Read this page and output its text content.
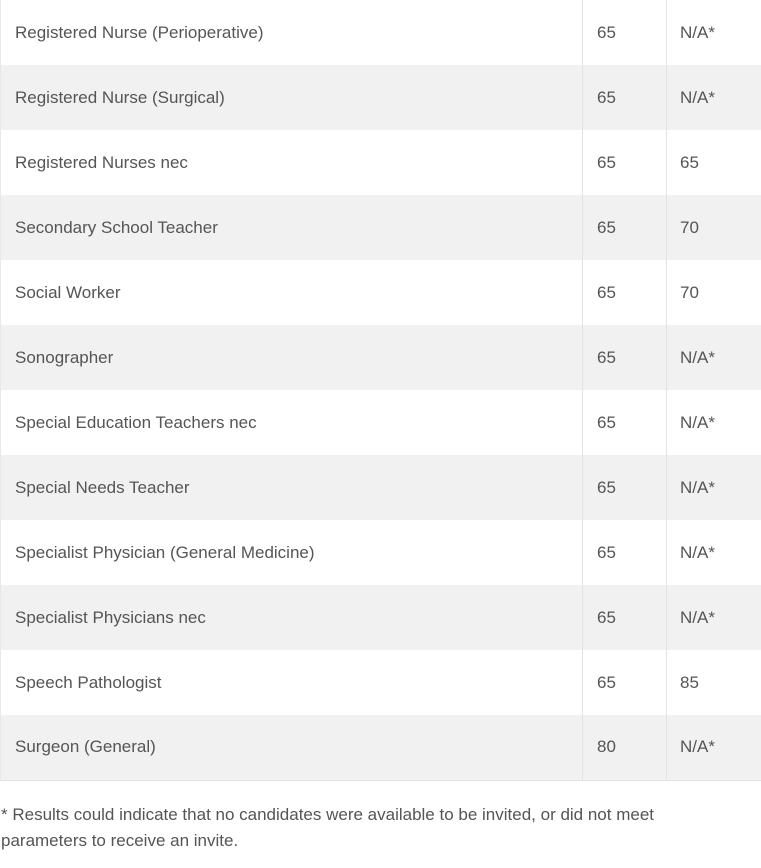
Registered Nurse (Perioperative)	65	N/A*
Registered Nurse (Surgical)	65	N/A*
Registered Nurses nec	65	65
Secondary School Teacher	65	70
Social Worker	65	70
Sonographer	65	N/A*
Special Education Teachers nec	65	N/A*
Special Needs Teacher	65	N/A*
Specialist Physician (General Medicine)	65	N/A*
Specialist Physicians nec	65	N/A*
Speech Pathologist	65	85
Surgeon (General)	80	N/A*
* Results could indicate that no candidates were available to be invited, or did not meet parameters to receive an invite.
